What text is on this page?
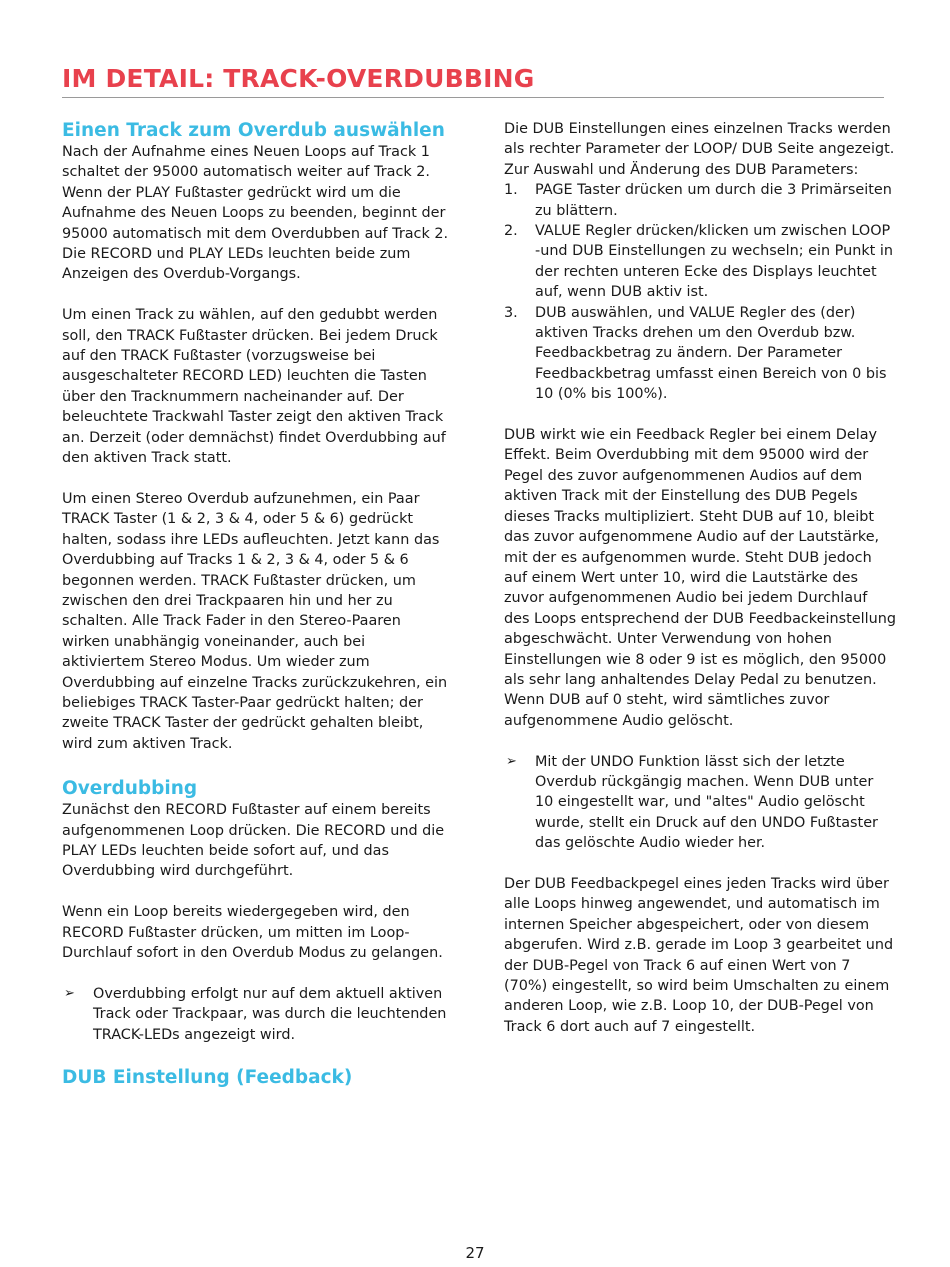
IM DETAIL: TRACK-OVERDUBBING
Einen Track zum Overdub auswählen

Nach der Aufnahme eines Neuen Loops auf Track 1 schaltet der 95000 automatisch weiter auf Track 2. Wenn der PLAY Fußtaster gedrückt wird um die Aufnahme des Neuen Loops zu beenden, beginnt der 95000 automatisch mit dem Overdubben auf Track 2. Die RECORD und PLAY LEDs leuchten beide zum Anzeigen des Overdub-Vorgangs.

Um einen Track zu wählen, auf den gedubbt werden soll, den TRACK Fußtaster drücken. Bei jedem Druck auf den TRACK Fußtaster (vorzugsweise bei ausgeschalteter RECORD LED) leuchten die Tasten über den Tracknummern nacheinander auf. Der beleuchtete Trackwahl Taster zeigt den aktiven Track an. Derzeit (oder demnächst) findet Overdubbing auf den aktiven Track statt.

Um einen Stereo Overdub aufzunehmen, ein Paar TRACK Taster (1 & 2, 3 & 4, oder 5 & 6) gedrückt halten, sodass ihre LEDs aufleuchten. Jetzt kann das Overdubbing auf Tracks 1 & 2, 3 & 4, oder 5 & 6 begonnen werden. TRACK Fußtaster drücken, um zwischen den drei Trackpaaren hin und her zu schalten. Alle Track Fader in den Stereo-Paaren wirken unabhängig voneinander, auch bei aktiviertem Stereo Modus. Um wieder zum Overdubbing auf einzelne Tracks zurückzukehren, ein beliebiges TRACK Taster-Paar gedrückt halten; der zweite TRACK Taster der gedrückt gehalten bleibt, wird zum aktiven Track.

Overdubbing

Zunächst den RECORD Fußtaster auf einem bereits aufgenommenen Loop drücken. Die RECORD und die PLAY LEDs leuchten beide sofort auf, und das Overdubbing wird durchgeführt.

Wenn ein Loop bereits wiedergegeben wird, den RECORD Fußtaster drücken, um mitten im Loop-Durchlauf sofort in den Overdub Modus zu gelangen.

➢ Overdubbing erfolgt nur auf dem aktuell aktiven Track oder Trackpaar, was durch die leuchtenden TRACK-LEDs angezeigt wird.
DUB Einstellung (Feedback)

Die DUB Einstellungen eines einzelnen Tracks werden als rechter Parameter der LOOP/ DUB Seite angezeigt. Zur Auswahl und Änderung des DUB Parameters:

1. PAGE Taster drücken um durch die 3 Primärseiten zu blättern.
2. VALUE Regler drücken/klicken um zwischen LOOP -und DUB Einstellungen zu wechseln; ein Punkt in der rechten unteren Ecke des Displays leuchtet auf, wenn DUB aktiv ist.
3. DUB auswählen, und VALUE Regler des (der) aktiven Tracks drehen um den Overdub bzw. Feedbackbetrag zu ändern. Der Parameter Feedbackbetrag umfasst einen Bereich von 0 bis 10 (0% bis 100%).

DUB wirkt wie ein Feedback Regler bei einem Delay Effekt. Beim Overdubbing mit dem 95000 wird der Pegel des zuvor aufgenommenen Audios auf dem aktiven Track mit der Einstellung des DUB Pegels dieses Tracks multipliziert. Steht DUB auf 10, bleibt das zuvor aufgenommene Audio auf der Lautstärke, mit der es aufgenommen wurde. Steht DUB jedoch auf einem Wert unter 10, wird die Lautstärke des zuvor aufgenommenen Audio bei jedem Durchlauf des Loops entsprechend der DUB Feedbackeinstellung abgeschwächt. Unter Verwendung von hohen Einstellungen wie 8 oder 9 ist es möglich, den 95000 als sehr lang anhaltendes Delay Pedal zu benutzen. Wenn DUB auf 0 steht, wird sämtliches zuvor aufgenommene Audio gelöscht.

➢ Mit der UNDO Funktion lässt sich der letzte Overdub rückgängig machen. Wenn DUB unter 10 eingestellt war, und "altes" Audio gelöscht wurde, stellt ein Druck auf den UNDO Fußtaster das gelöschte Audio wieder her.

Der DUB Feedbackpegel eines jeden Tracks wird über alle Loops hinweg angewendet, und automatisch im internen Speicher abgespeichert, oder von diesem abgerufen. Wird z.B. gerade im Loop 3 gearbeitet und der DUB-Pegel von Track 6 auf einen Wert von 7 (70%) eingestellt, so wird beim Umschalten zu einem anderen Loop, wie z.B. Loop 10, der DUB-Pegel von Track 6 dort auch auf 7 eingestellt.

27
